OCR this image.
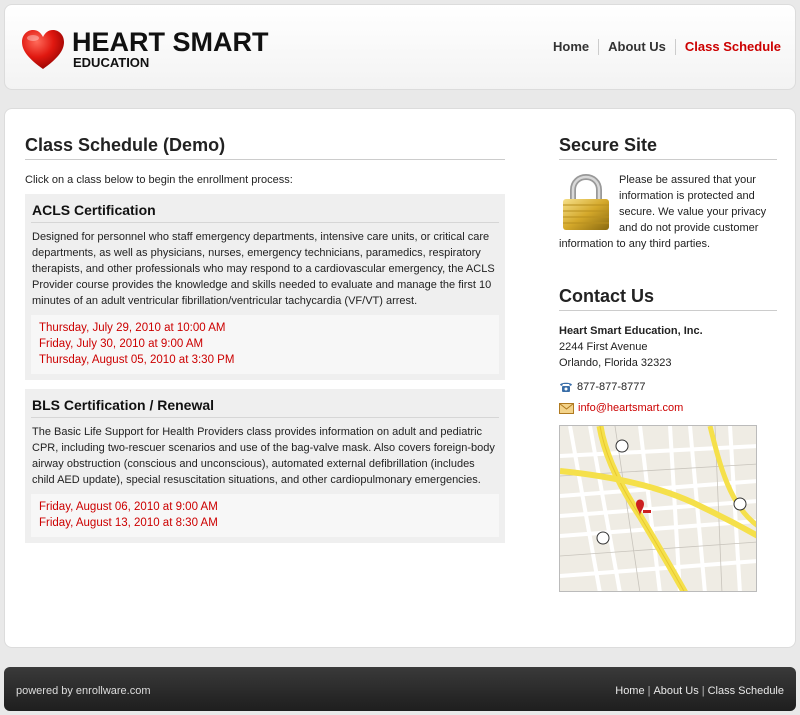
HEART SMART
EDUCATION
Home	About Us	Class Schedule
Class Schedule (Demo)
Click on a class below to begin the enrollment process:
ACLS Certification

Designed for personnel who staff emergency departments, intensive care units, or critical care departments, as well as physicians, nurses, emergency technicians, paramedics, respiratory therapists, and other professionals who may respond to a cardiovascular emergency, the ACLS Provider course provides the knowledge and skills needed to evaluate and manage the first 10 minutes of an adult ventricular fibrillation/ventricular tachycardia (VF/VT) arrest.

Thursday, July 29, 2010 at 10:00 AM
Friday, July 30, 2010 at 9:00 AM
Thursday, August 05, 2010 at 3:30 PM
BLS Certification / Renewal

The Basic Life Support for Health Providers class provides information on adult and pediatric CPR, including two-rescuer scenarios and use of the bag-valve mask. Also covers foreign-body airway obstruction (conscious and unconscious), automated external defibrillation (includes child AED update), special resuscitation situations, and other cardiopulmonary emergencies.

Friday, August 06, 2010 at 9:00 AM
Friday, August 13, 2010 at 8:30 AM
Secure Site
Please be assured that your information is protected and secure. We value your privacy and do not provide customer information to any third parties.
Contact Us
Heart Smart Education, Inc.
2244 First Avenue
Orlando, Florida 32323
877-877-8777
info@heartsmart.com
powered by enrollware.com	Home | About Us | Class Schedule
